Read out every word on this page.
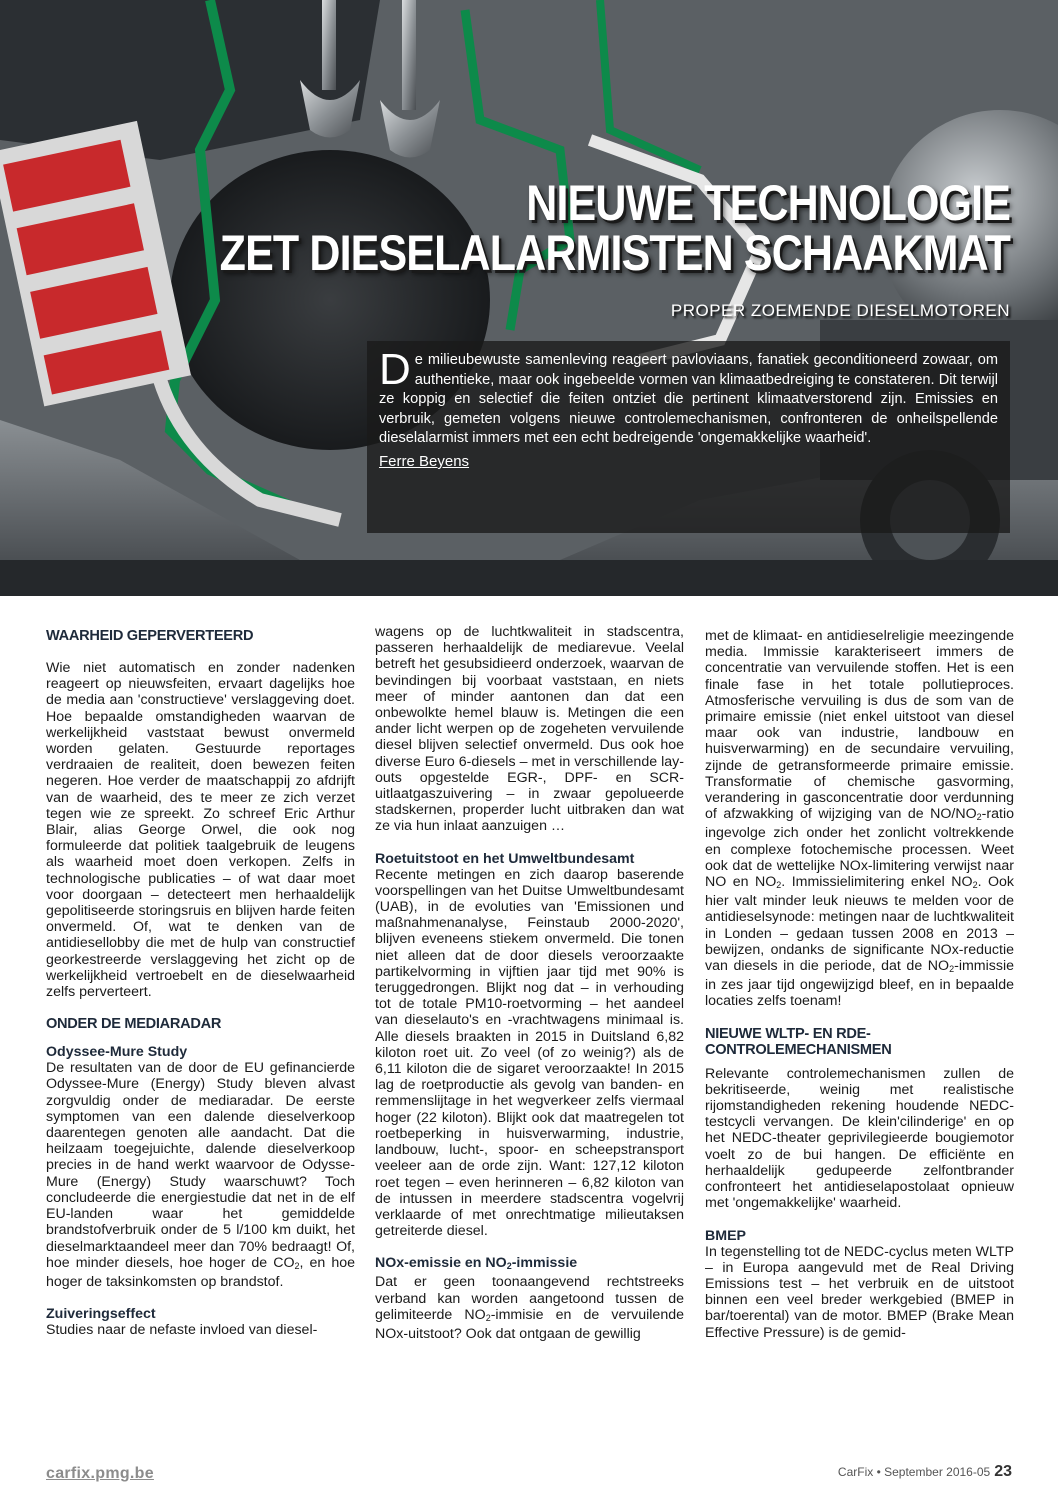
NIEUWE TECHNOLOGIE
ZET DIESELALARMISTEN SCHAAKMAT
PROPER ZOEMENDE DIESELMOTOREN

De milieubewuste samenleving reageert pavloviaans, fanatiek geconditioneerd zowaar, om authentieke, maar ook ingebeelde vormen van klimaatbedreiging te constateren. Dit terwijl ze koppig en selectief die feiten ontziet die pertinent klimaatverstorend zijn. Emissies en verbruik, gemeten volgens nieuwe controlemechanismen, confronteren de onheilspellende dieselalarmist immers met een echt bedreigende 'ongemakkelijke waarheid'.

Ferre Beyens
WAARHEID GEPERVERTEERD

Wie niet automatisch en zonder nadenken reageert op nieuwsfeiten, ervaart dagelijks hoe de media aan 'constructieve' verslaggeving doet. Hoe bepaalde omstandigheden waarvan de werkelijkheid vaststaat bewust onvermeld worden gelaten. Gestuurde reportages verdraaien de realiteit, doen bewezen feiten negeren. Hoe verder de maatschappij zo afdrijft van de waarheid, des te meer ze zich verzet tegen wie ze spreekt. Zo schreef Eric Arthur Blair, alias George Orwel, die ook nog formuleerde dat politiek taalgebruik de leugens als waarheid moet doen verkopen. Zelfs in technologische publicaties – of wat daar moet voor doorgaan – detecteert men herhaaldelijk gepolitiseerde storingsruis en blijven harde feiten onvermeld. Of, wat te denken van de antidiesellobby die met de hulp van constructief georkestreerde verslaggeving het zicht op de werkelijkheid vertroebelt en de dieselwaarheid zelfs perverteert.

ONDER DE MEDIARADAR
Odyssee-Mure Study

De resultaten van de door de EU gefinancierde Odyssee-Mure (Energy) Study bleven alvast zorgvuldig onder de mediaradar. De eerste symptomen van een dalende dieselverkoop daarentegen genoten alle aandacht. Dat die heilzaam toegejuichte, dalende dieselverkoop precies in de hand werkt waarvoor de Odysse-Mure (Energy) Study waarschuwt? Toch concludeerde die energiestudie dat net in de elf EU-landen waar het gemiddelde brandstofverbruik onder de 5 l/100 km duikt, het dieselmarktaandeel meer dan 70% bedraagt! Of, hoe minder diesels, hoe hoger de CO2, en hoe hoger de taksinkomsten op brandstof.

Zuiveringseffect

Studies naar de nefaste invloed van diesel-

wagens op de luchtkwaliteit in stadscentra, passeren herhaaldelijk de mediarevue. Veelal betreft het gesubsidieerd onderzoek, waarvan de bevindingen bij voorbaat vaststaan, en niets meer of minder aantonen dan dat een onbewolkte hemel blauw is. Metingen die een ander licht werpen op de zogeheten vervuilende diesel blijven selectief onvermeld. Dus ook hoe diverse Euro 6-diesels – met in verschillende lay-outs opgestelde EGR-, DPF- en SCR-uitlaatgaszuivering – in zwaar gepolueerde stadskernen, properder lucht uitbraken dan wat ze via hun inlaat aanzuigen …

Roetuitstoot en het Umweltbundesamt

Recente metingen en zich daarop baserende voorspellingen van het Duitse Umweltbundesamt (UAB), in de evoluties van 'Emissionen und maßnahmenanalyse, Feinstaub 2000-2020', blijven eveneens stiekem onvermeld. Die tonen niet alleen dat de door diesels veroorzaakte partikelvorming in vijftien jaar tijd met 90% is teruggedrongen. Blijkt nog dat – in verhouding tot de totale PM10-roetvorming – het aandeel van dieselauto's en -vrachtwagens minimaal is. Alle diesels braakten in 2015 in Duitsland 6,82 kiloton roet uit. Zo veel (of zo weinig?) als de 6,11 kiloton die de sigaret veroorzaakte! In 2015 lag de roetproductie als gevolg van banden- en remmenslijtage in het wegverkeer zelfs viermaal hoger (22 kiloton). Blijkt ook dat maatregelen tot roetbeperking in huisverwarming, industrie, landbouw, lucht-, spoor- en scheepstransport veeleer aan de orde zijn. Want: 127,12 kiloton roet tegen – even herinneren – 6,82 kiloton van de intussen in meerdere stadscentra vogelvrij verklaarde of met onrechtmatige milieutaksen getreiterde diesel.

NOx-emissie en NO2-immissie

Dat er geen toonaangevend rechtstreeks verband kan worden aangetoond tussen de gelimiteerde NO2-immisie en de vervuilende NOx-uitstoot? Ook dat ontgaan de gewillig

met de klimaat- en antidieselreligie meezingende media. Immissie karakteriseert immers de concentratie van vervuilende stoffen. Het is een finale fase in het totale pollutieproces. Atmosferische vervuiling is dus de som van de primaire emissie (niet enkel uitstoot van diesel maar ook van industrie, landbouw en huisverwarming) en de secundaire vervuiling, zijnde de getransformeerde primaire emissie. Transformatie of chemische gasvorming, verandering in gasconcentratie door verdunning of afzwakking of wijziging van de NO/NO2-ratio ingevolge zich onder het zonlicht voltrekkende en complexe fotochemische processen. Weet ook dat de wettelijke NOx-limitering verwijst naar NO en NO2. Immissielimitering enkel NO2. Ook hier valt minder leuk nieuws te melden voor de antidieselsynode: metingen naar de luchtkwaliteit in Londen – gedaan tussen 2008 en 2013 – bewijzen, ondanks de significante NOx-reductie van diesels in die periode, dat de NO2-immissie in zes jaar tijd ongewijzigd bleef, en in bepaalde locaties zelfs toenam!

NIEUWE WLTP- EN RDE-CONTROLEMECHANISMEN

Relevante controlemechanismen zullen de bekritiseerde, weinig met realistische rijomstandigheden rekening houdende NEDC-testcycli vervangen. De klein'cilinderige' en op het NEDC-theater geprivilegieerde bougiemotor voelt zo de bui hangen. De efficiënte en herhaaldelijk gedupeerde zelfontbrander confronteert het antidieselapostolaat opnieuw met 'ongemakkelijke' waarheid.

BMEP

In tegenstelling tot de NEDC-cyclus meten WLTP – in Europa aangevuld met de Real Driving Emissions test – het verbruik en de uitstoot binnen een veel breder werkgebied (BMEP in bar/toerental) van de motor. BMEP (Brake Mean Effective Pressure) is de gemid-

carfix.pmg.be	CarFix • September 2016-05 23
